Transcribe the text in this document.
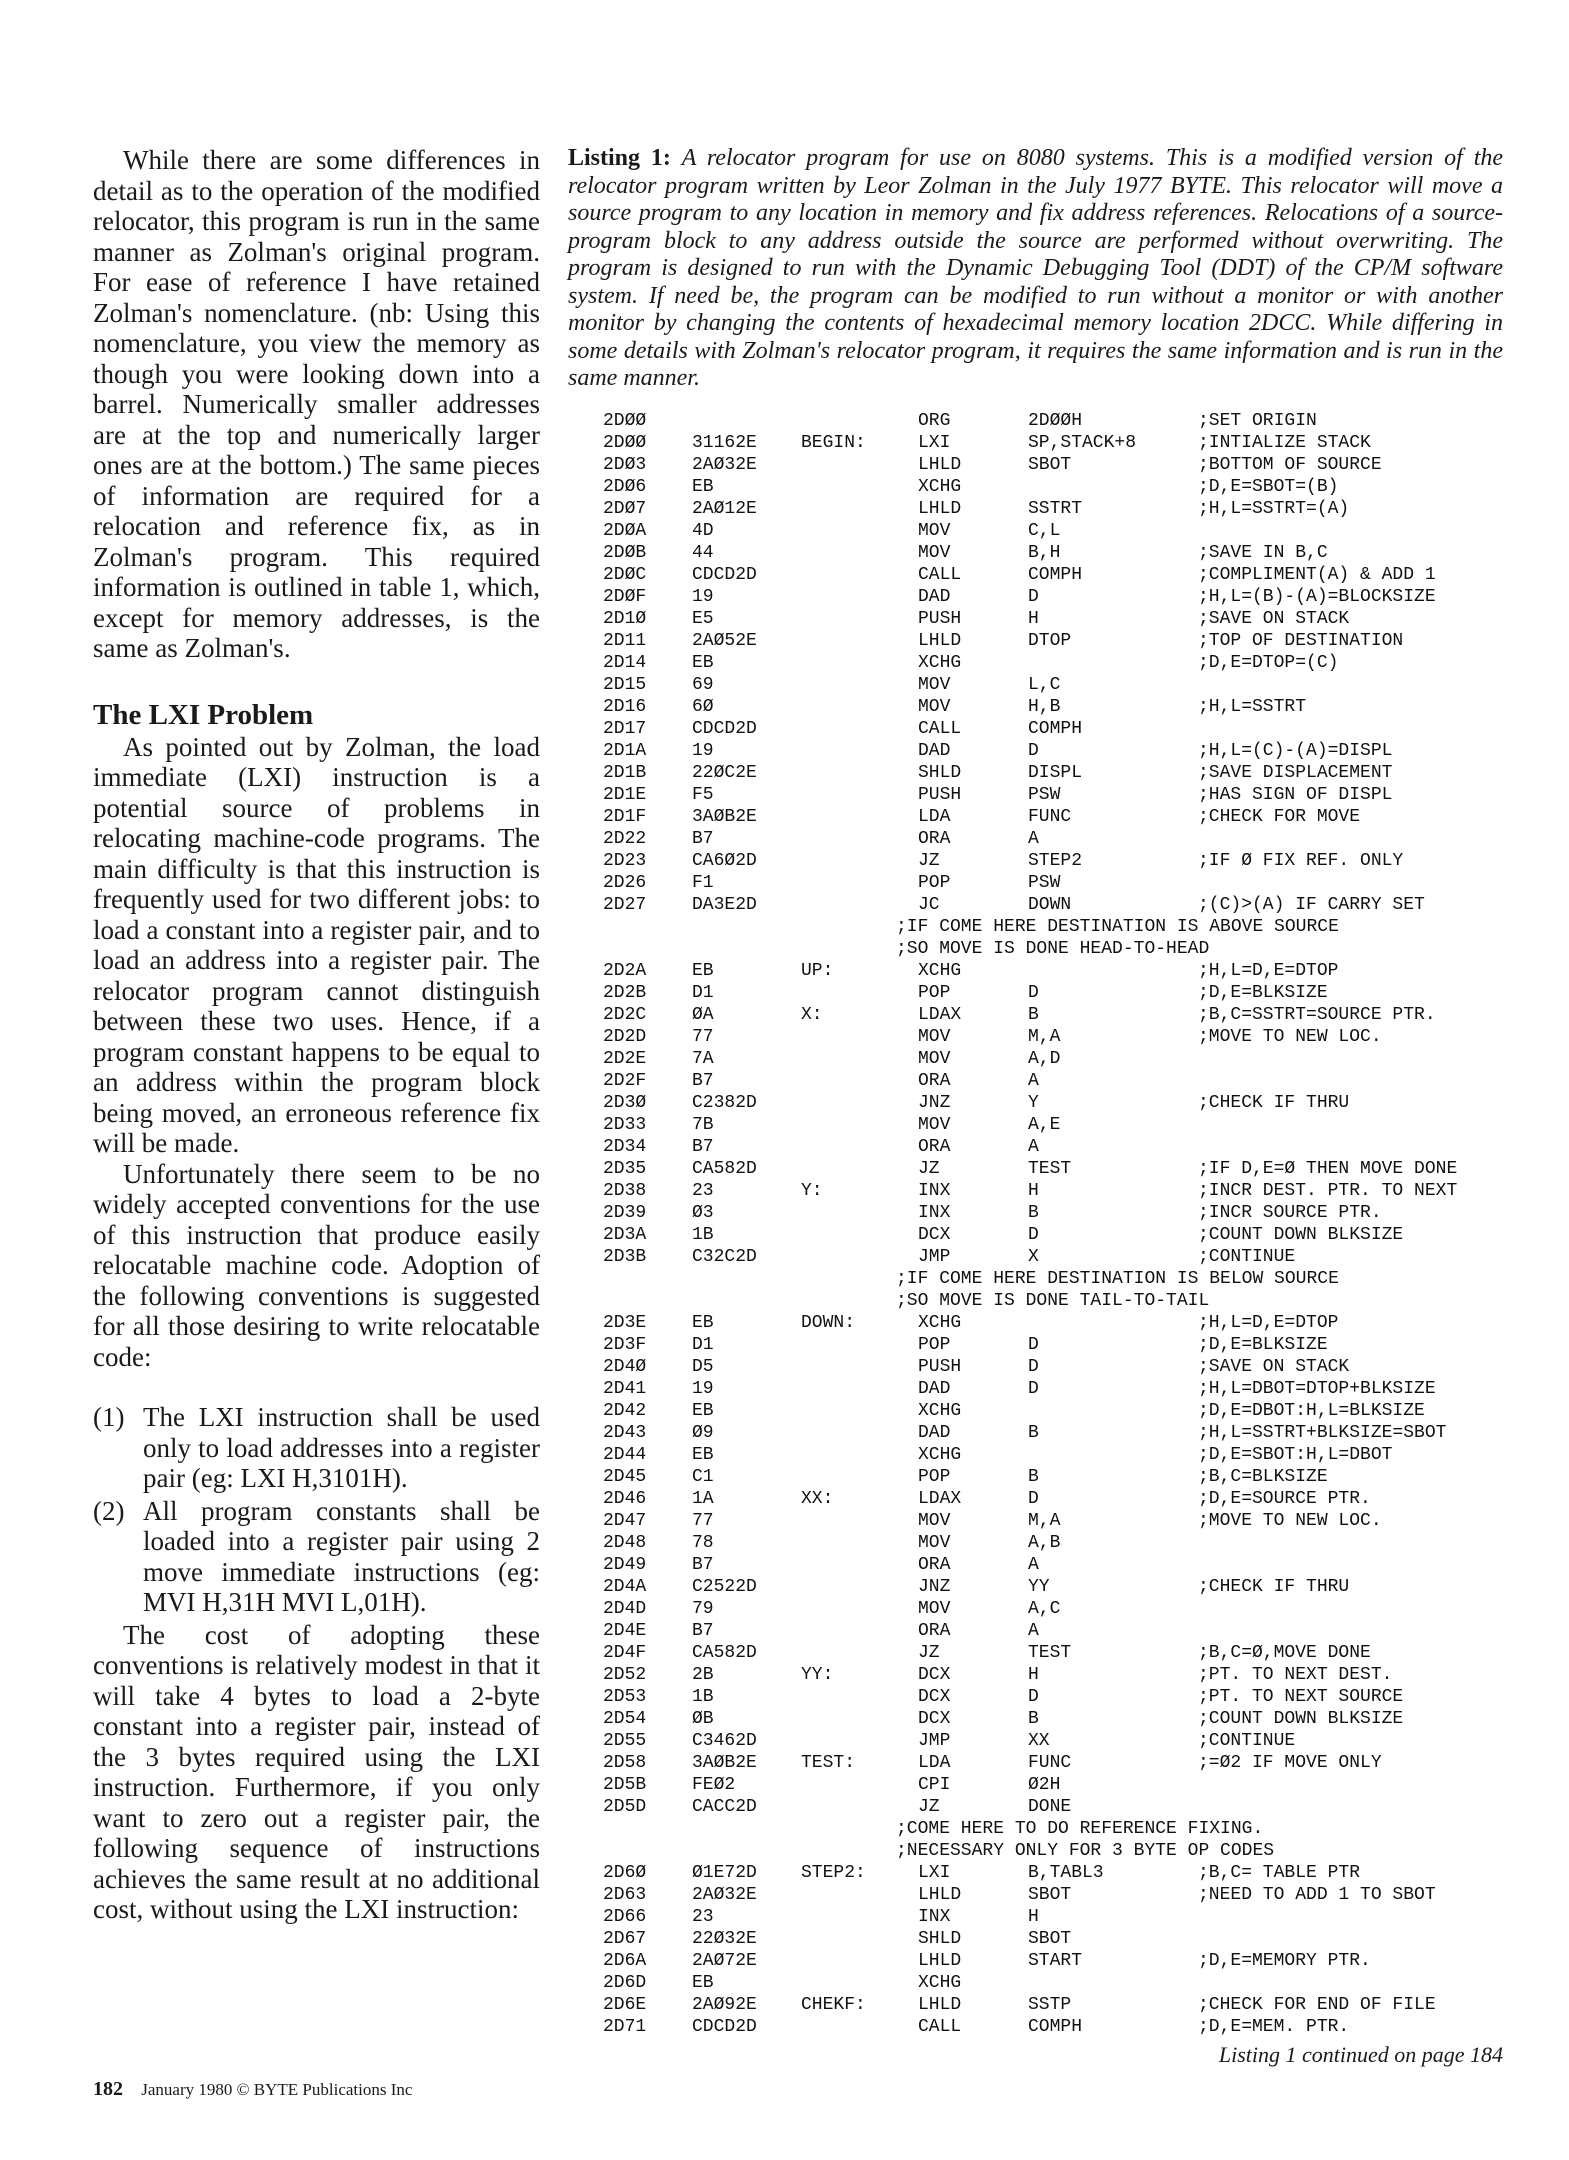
While there are some differences in detail as to the operation of the modified relocator, this program is run in the same manner as Zolman's original program. For ease of reference I have retained Zolman's nomenclature. (nb: Using this nomenclature, you view the memory as though you were looking down into a barrel. Numerically smaller addresses are at the top and numerically larger ones are at the bottom.) The same pieces of information are required for a relocation and reference fix, as in Zolman's program. This required information is outlined in table 1, which, except for memory addresses, is the same as Zolman's.

The LXI Problem

As pointed out by Zolman, the load immediate (LXI) instruction is a potential source of problems in relocating machine-code programs. The main difficulty is that this instruction is frequently used for two different jobs: to load a constant into a register pair, and to load an address into a register pair. The relocator program cannot distinguish between these two uses. Hence, if a program constant happens to be equal to an address within the program block being moved, an erroneous reference fix will be made.

Unfortunately there seem to be no widely accepted conventions for the use of this instruction that produce easily relocatable machine code. Adoption of the following conventions is suggested for all those desiring to write relocatable code:

(1) The LXI instruction shall be used only to load addresses into a register pair (eg: LXI H,3101H).
(2) All program constants shall be loaded into a register pair using 2 move immediate instructions (eg: MVI H,31H MVI L,01H).

The cost of adopting these conventions is relatively modest in that it will take 4 bytes to load a 2-byte constant into a register pair, instead of the 3 bytes required using the LXI instruction. Furthermore, if you only want to zero out a register pair, the following sequence of instructions achieves the same result at no additional cost, without using the LXI instruction:

Listing 1: A relocator program for use on 8080 systems. This is a modified version of the relocator program written by Leor Zolman in the July 1977 BYTE. This relocator will move a source program to any location in memory and fix address references. Relocations of a source-program block to any address outside the source are performed without overwriting. The program is designed to run with the Dynamic Debugging Tool (DDT) of the CP/M software system. If need be, the program can be modified to run without a monitor or with another monitor by changing the contents of hexadecimal memory location 2DCC. While differing in some details with Zolman's relocator program, it requires the same information and is run in the same manner.
2DØØ	ORG	2DØØH	;SET ORIGIN
2DØØ	31162E BEGIN:	LXI	SP,STACK+8	;INTIALIZE STACK
2DØ3	2AØ32E	LHLD	SBOT	;BOTTOM OF SOURCE
2DØ6	EB	XCHG	;D,E=SBOT=(B)
2DØ7	2AØ12E	LHLD	SSTRT	;H,L=SSTRT=(A)
2DØA	4D	MOV	C,L
2DØB	44	MOV	B,H	;SAVE IN B,C
2DØC	CDCD2D	CALL	COMPH	;COMPLIMENT(A) & ADD 1
2DØF	19	DAD	D	;H,L=(B)-(A)=BLOCKSIZE
2D1Ø	E5	PUSH	H	;SAVE ON STACK
2D11	2AØ52E	LHLD	DTOP	;TOP OF DESTINATION
2D14	EB	XCHG	;D,E=DTOP=(C)
2D15	69	MOV	L,C
2D16	6Ø	MOV	H,B	;H,L=SSTRT
2D17	CDCD2D	CALL	COMPH
2D1A	19	DAD	D	;H,L=(C)-(A)=DISPL
2D1B	22ØC2E	SHLD	DISPL	;SAVE DISPLACEMENT
2D1E	F5	PUSH	PSW	;HAS SIGN OF DISPL
2D1F	3AØB2E	LDA	FUNC	;CHECK FOR MOVE
2D22	B7	ORA	A
2D23	CA6Ø2D	JZ	STEP2	;IF Ø FIX REF. ONLY
2D26	F1	POP	PSW
2D27	DA3E2D	JC	DOWN	;(C)>(A) IF CARRY SET
;IF COME HERE DESTINATION IS ABOVE SOURCE
;SO MOVE IS DONE HEAD-TO-HEAD
2D2A	EB	UP:	XCHG	;H,L=D,E=DTOP
2D2B	D1	POP	D	;D,E=BLKSIZE
2D2C	ØA	X:	LDAX	B	;B,C=SSTRT=SOURCE PTR.
2D2D	77	MOV	M,A	;MOVE TO NEW LOC.
2D2E	7A	MOV	A,D
2D2F	B7	ORA	A
2D3Ø	C2382D	JNZ	Y	;CHECK IF THRU
2D33	7B	MOV	A,E
2D34	B7	ORA	A
2D35	CA582D	JZ	TEST	;IF D,E=Ø THEN MOVE DONE
2D38	23	Y:	INX	H	;INCR DEST. PTR. TO NEXT
2D39	Ø3	INX	B	;INCR SOURCE PTR.
2D3A	1B	DCX	D	;COUNT DOWN BLKSIZE
2D3B	C32C2D	JMP	X	;CONTINUE
;IF COME HERE DESTINATION IS BELOW SOURCE
;SO MOVE IS DONE TAIL-TO-TAIL
2D3E	EB	DOWN:	XCHG	;H,L=D,E=DTOP
2D3F	D1	POP	D	;D,E=BLKSIZE
2D4Ø	D5	PUSH	D	;SAVE ON STACK
2D41	19	DAD	D	;H,L=DBOT=DTOP+BLKSIZE
2D42	EB	XCHG	;D,E=DBOT:H,L=BLKSIZE
2D43	Ø9	DAD	B	;H,L=SSTRT+BLKSIZE=SBOT
2D44	EB	XCHG	;D,E=SBOT:H,L=DBOT
2D45	C1	POP	B	;B,C=BLKSIZE
2D46	1A	XX:	LDAX	D	;D,E=SOURCE PTR.
2D47	77	MOV	M,A	;MOVE TO NEW LOC.
2D48	78	MOV	A,B
2D49	B7	ORA	A
2D4A	C2522D	JNZ	YY	;CHECK IF THRU
2D4D	79	MOV	A,C
2D4E	B7	ORA	A
2D4F	CA582D	JZ	TEST	;B,C=Ø,MOVE DONE
2D52	2B	YY:	DCX	H	;PT. TO NEXT DEST.
2D53	1B	DCX	D	;PT. TO NEXT SOURCE
2D54	ØB	DCX	B	;COUNT DOWN BLKSIZE
2D55	C3462D	JMP	XX	;CONTINUE
2D58	3AØB2E TEST:	LDA	FUNC	;=Ø2 IF MOVE ONLY
2D5B	FEØ2	CPI	Ø2H
2D5D	CACC2D	JZ	DONE
;COME HERE TO DO REFERENCE FIXING.
;NECESSARY ONLY FOR 3 BYTE OP CODES
2D6Ø	Ø1E72D STEP2:	LXI	B,TABL3	;B,C= TABLE PTR
2D63	2AØ32E	LHLD	SBOT	;NEED TO ADD 1 TO SBOT
2D66	23	INX	H
2D67	22Ø32E	SHLD	SBOT
2D6A	2AØ72E	LHLD	START	;D,E=MEMORY PTR.
2D6D	EB	XCHG
2D6E	2AØ92E CHEKF:	LHLD	SSTP	;CHECK FOR END OF FILE
2D71	CDCD2D	CALL	COMPH	;D,E=MEM. PTR.
Listing 1 continued on page 184
182 January 1980 © BYTE Publications Inc
